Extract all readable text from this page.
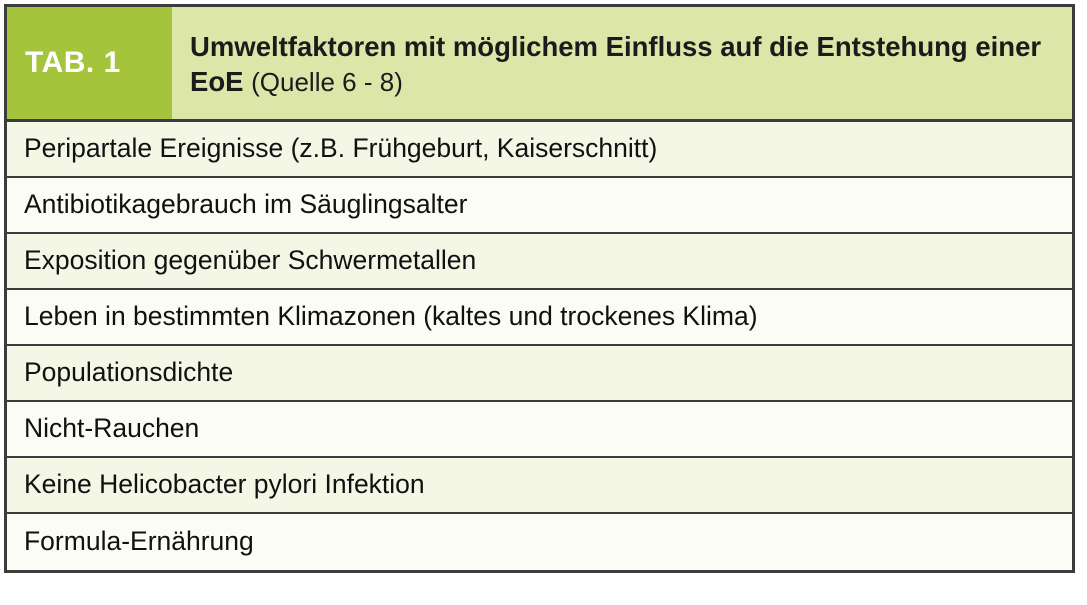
TAB. 1	Umweltfaktoren mit möglichem Einfluss auf die Entstehung einer EoE (Quelle 6 - 8)
Peripartale Ereignisse (z.B. Frühgeburt, Kaiserschnitt)
Antibiotikagebrauch im Säuglingsalter
Exposition gegenüber Schwermetallen
Leben in bestimmten Klimazonen (kaltes und trockenes Klima)
Populationsdichte
Nicht-Rauchen
Keine Helicobacter pylori Infektion
Formula-Ernährung
